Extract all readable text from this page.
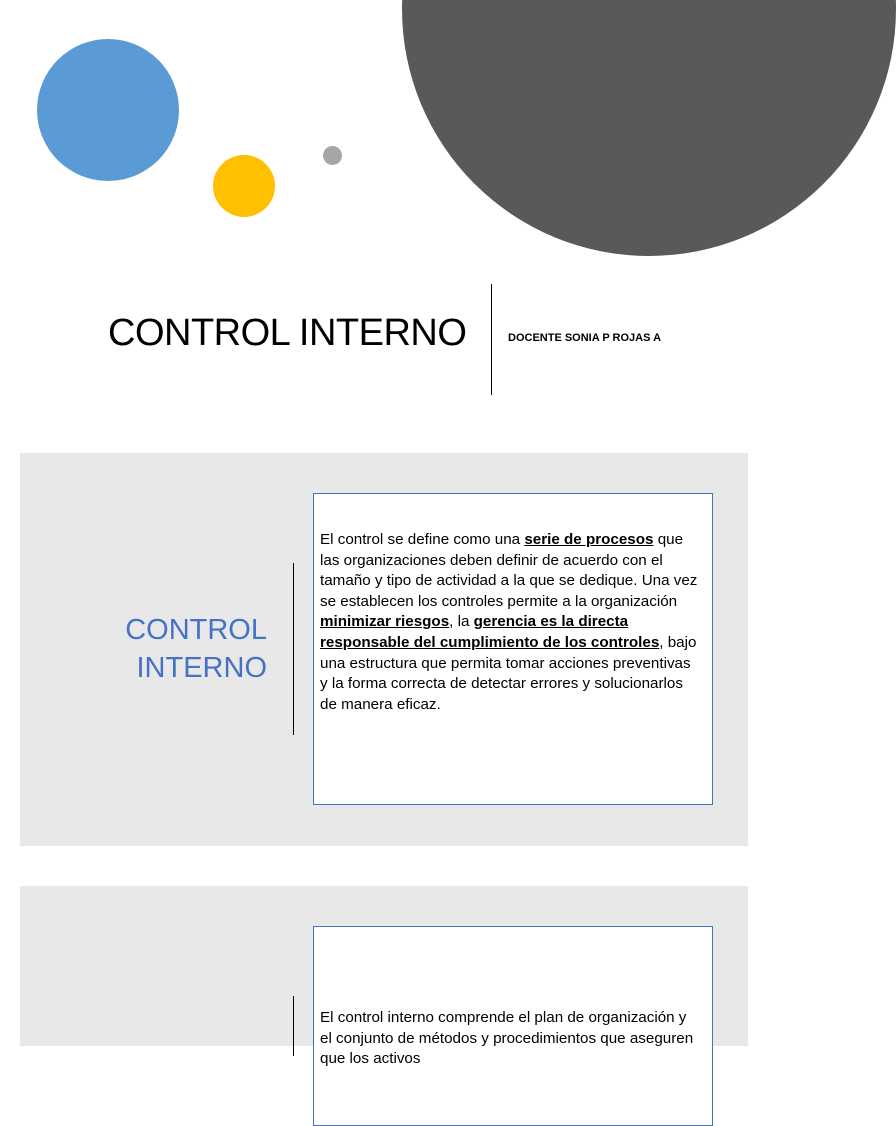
CONTROL INTERNO	DOCENTE SONIA P ROJAS A
CONTROL
INTERNO
El control se define como una serie de procesos que las organizaciones deben definir de acuerdo con el tamaño y tipo de actividad a la que se dedique. Una vez se establecen los controles permite a la organización minimizar riesgos, la gerencia es la directa responsable del cumplimiento de los controles, bajo una estructura que permita tomar acciones preventivas y la forma correcta de detectar errores y solucionarlos de manera eficaz.
El control interno comprende el plan de organización y el conjunto de métodos y procedimientos que aseguren que los activos
